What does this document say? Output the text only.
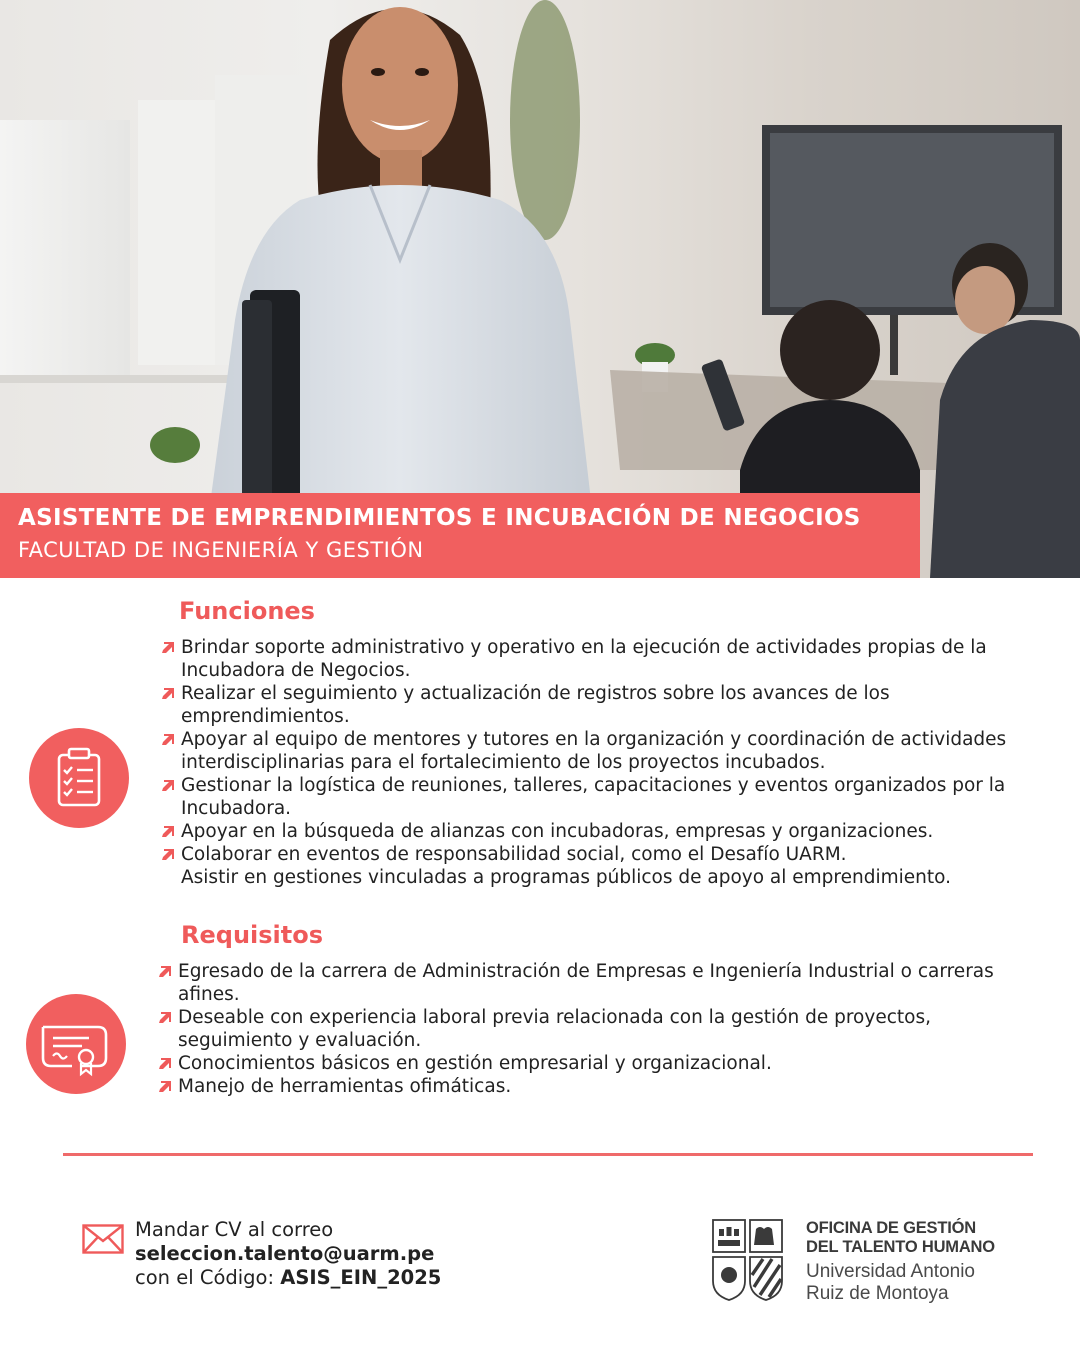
ASISTENTE DE EMPRENDIMIENTOS E INCUBACIÓN DE NEGOCIOS
FACULTAD DE INGENIERÍA Y GESTIÓN
Funciones
Brindar soporte administrativo y operativo en la ejecución de actividades propias de la
Incubadora de Negocios.
Realizar el seguimiento y actualización de registros sobre los avances de los
emprendimientos.
Apoyar al equipo de mentores y tutores en la organización y coordinación de actividades
interdisciplinarias para el fortalecimiento de los proyectos incubados.
Gestionar la logística de reuniones, talleres, capacitaciones y eventos organizados por la
Incubadora.
Apoyar en la búsqueda de alianzas con incubadoras, empresas y organizaciones.
Colaborar en eventos de responsabilidad social, como el Desafío UARM.
Asistir en gestiones vinculadas a programas públicos de apoyo al emprendimiento.
Requisitos
Egresado de la carrera de Administración de Empresas e Ingeniería Industrial o carreras
afines.
Deseable con experiencia laboral previa relacionada con la gestión de proyectos,
seguimiento y evaluación.
Conocimientos básicos en gestión empresarial y organizacional.
Manejo de herramientas ofimáticas.
Mandar CV al correo
seleccion.talento@uarm.pe
con el Código: ASIS_EIN_2025
OFICINA DE GESTIÓN
DEL TALENTO HUMANO
Universidad Antonio
Ruiz de Montoya
